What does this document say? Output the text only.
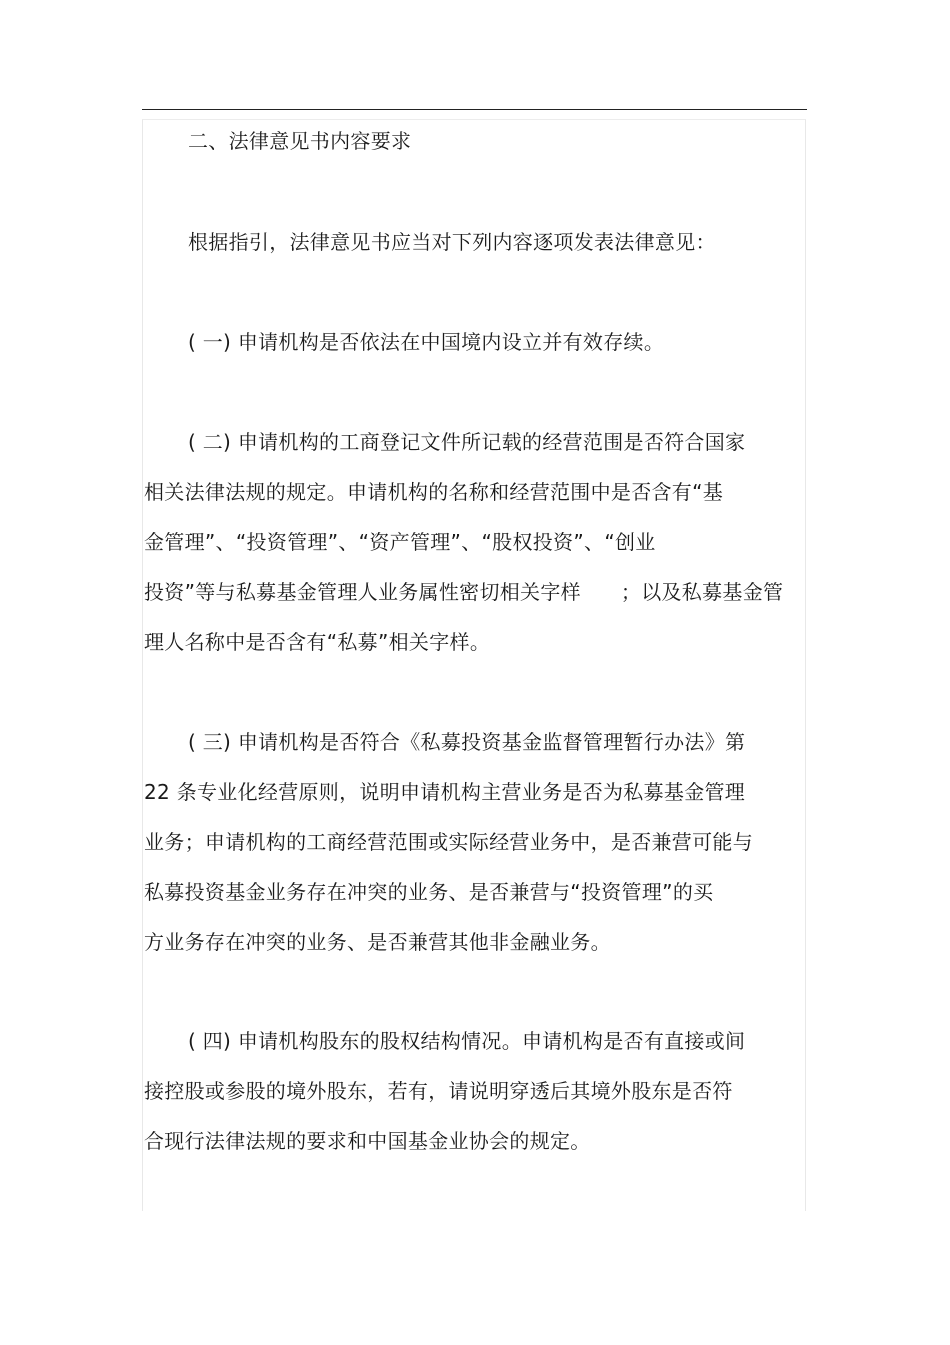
二、法律意见书内容要求
根据指引，法律意见书应当对下列内容逐项发表法律意见：
( 一) 申请机构是否依法在中国境内设立并有效存续。
( 二) 申请机构的工商登记文件所记载的经营范围是否符合国家
相关法律法规的规定。申请机构的名称和经营范围中是否含有“基
金管理”、“投资管理”、“资产管理”、“股权投资”、“创业
投资”等与私募基金管理人业务属性密切相关字样      ；以及私募基金管
理人名称中是否含有“私募”相关字样。
( 三) 申请机构是否符合《私募投资基金监督管理暂行办法》第
22 条专业化经营原则，说明申请机构主营业务是否为私募基金管理
业务；申请机构的工商经营范围或实际经营业务中，是否兼营可能与
私募投资基金业务存在冲突的业务、是否兼营与“投资管理”的买
方业务存在冲突的业务、是否兼营其他非金融业务。
( 四) 申请机构股东的股权结构情况。申请机构是否有直接或间
接控股或参股的境外股东，若有，请说明穿透后其境外股东是否符
合现行法律法规的要求和中国基金业协会的规定。
